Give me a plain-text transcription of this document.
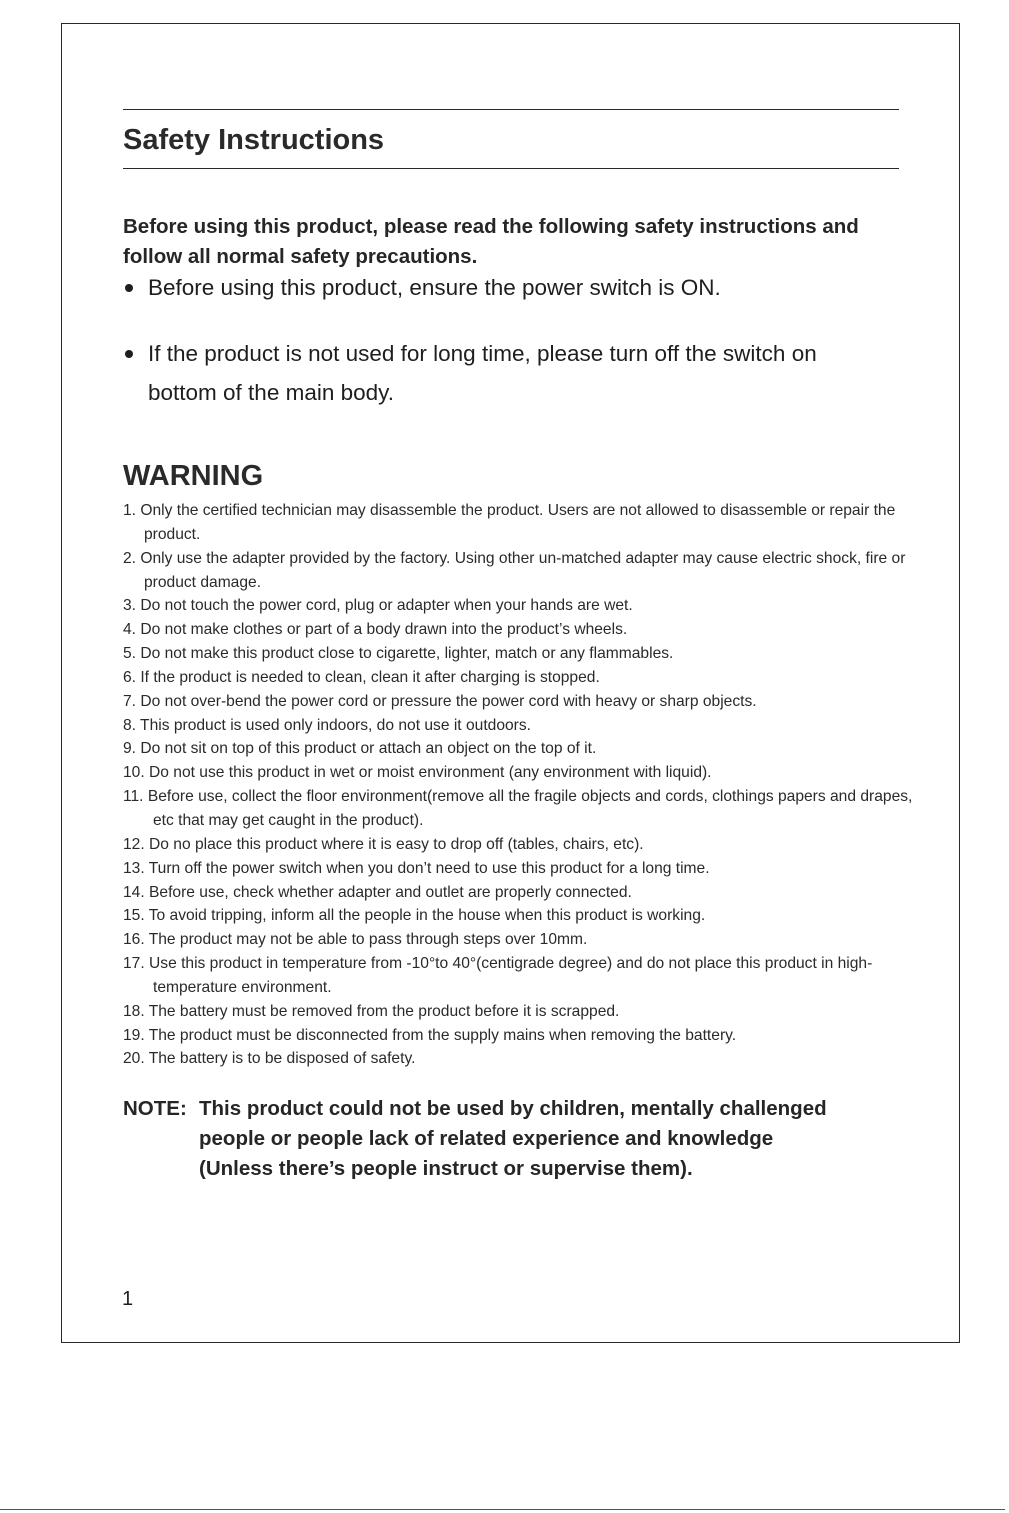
Safety Instructions

Before using this product, please read the following safety instructions and follow all normal safety precautions.

Before using this product, ensure the power switch is ON.
If the product is not used for long time, please turn off the switch on
bottom of the main body.
WARNING
1. Only the certified technician may disassemble the product. Users are not allowed to disassemble or repair the product.
2. Only use the adapter provided by the factory. Using other un-matched adapter may cause electric shock, fire or product damage.
3. Do not touch the power cord, plug or adapter when your hands are wet.
4. Do not make clothes or part of a body drawn into the product’s wheels.
5. Do not make this product close to cigarette, lighter, match or any flammables.
6. If the product is needed to clean, clean it after charging is stopped.
7. Do not over-bend the power cord or pressure the power cord with heavy or sharp objects.
8. This product is used only indoors, do not use it outdoors.
9. Do not sit on top of this product or attach an object on the top of it.
10. Do not use this product in wet or moist environment (any environment with liquid).
11. Before use, collect the floor environment(remove all the fragile objects and cords, clothings papers and drapes, etc that may get caught in the product).
12. Do no place this product where it is easy to drop off (tables, chairs, etc).
13. Turn off the power switch when you don’t need to use this product for a long time.
14. Before use, check whether adapter and outlet are properly connected.
15. To avoid tripping, inform all the people in the house when this product is working.
16. The product may not be able to pass through steps over 10mm.
17. Use this product in temperature from -10°to 40°(centigrade degree) and do not place this product in high-temperature environment.
18. The battery must be removed from the product before it is scrapped.
19. The product must be disconnected from the supply mains when removing the battery.
20. The battery is to be disposed of safety.
NOTE: This product could not be used by children, mentally challenged
people or people lack of related experience and knowledge
(Unless there’s people instruct or supervise them).
1
